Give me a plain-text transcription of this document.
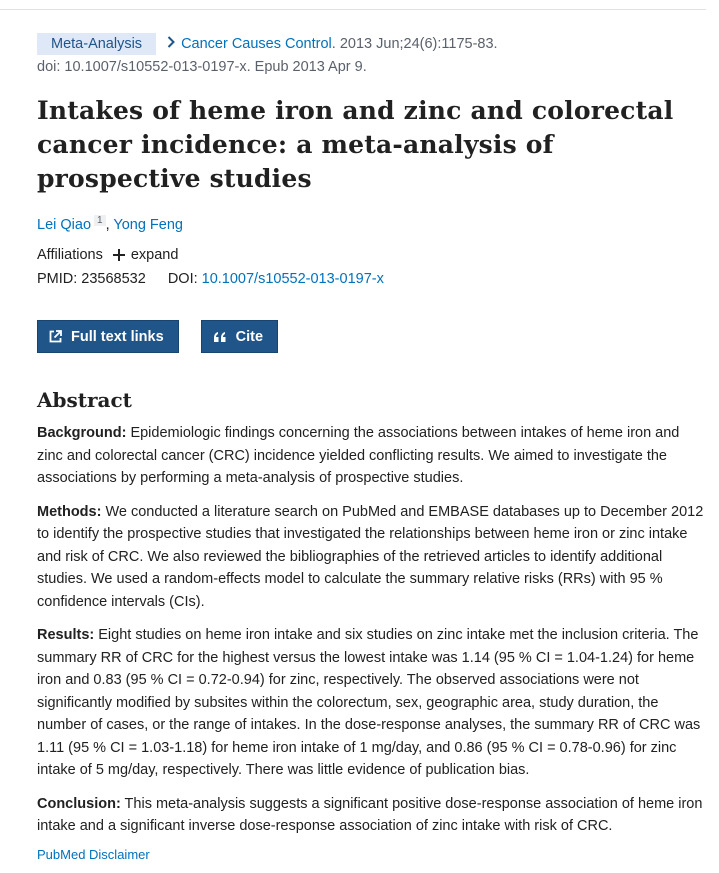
Meta-Analysis	Cancer Causes Control . 2013 Jun;24(6):1175-83.
doi: 10.1007/s10552-013-0197-x. Epub 2013 Apr 9.
Intakes of heme iron and zinc and colorectal cancer incidence: a meta-analysis of prospective studies
Lei Qiao $^1$ , Yong Feng
Affiliations expand
PMID: 23568532 DOI: 10.1007/s10552-013-0197-x
Full text links	Cite
Abstract

Background: Epidemiologic findings concerning the associations between intakes of heme iron and zinc and colorectal cancer (CRC) incidence yielded conflicting results. We aimed to investigate the associations by performing a meta-analysis of prospective studies.

Methods: We conducted a literature search on PubMed and EMBASE databases up to December 2012 to identify the prospective studies that investigated the relationships between heme iron or zinc intake and risk of CRC. We also reviewed the bibliographies of the retrieved articles to identify additional studies. We used a random-effects model to calculate the summary relative risks (RRs) with 95 % confidence intervals (CIs).

Results: Eight studies on heme iron intake and six studies on zinc intake met the inclusion criteria. The summary RR of CRC for the highest versus the lowest intake was 1.14 (95 % CI = 1.04-1.24) for heme iron and 0.83 (95 % CI = 0.72-0.94) for zinc, respectively. The observed associations were not significantly modified by subsites within the colorectum, sex, geographic area, study duration, the number of cases, or the range of intakes. In the dose-response analyses, the summary RR of CRC was 1.11 (95 % CI = 1.03-1.18) for heme iron intake of 1 mg/day, and 0.86 (95 % CI = 0.78-0.96) for zinc intake of 5 mg/day, respectively. There was little evidence of publication bias.

Conclusion: This meta-analysis suggests a significant positive dose-response association of heme iron intake and a significant inverse dose-response association of zinc intake with risk of CRC.

PubMed Disclaimer
